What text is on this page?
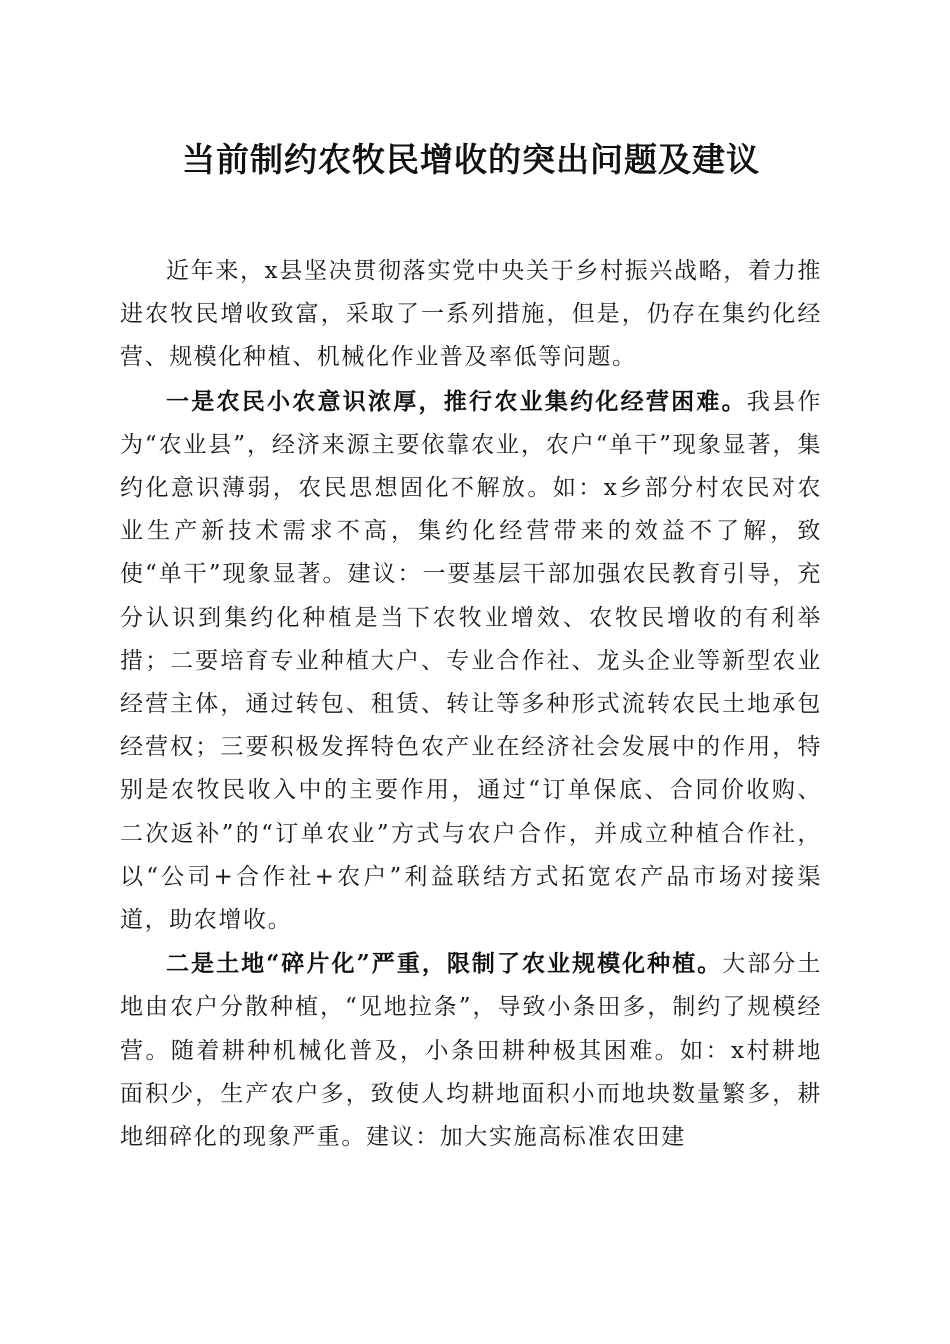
当前制约农牧民增收的突出问题及建议

近年来，x县坚决贯彻落实党中央关于乡村振兴战略，着力推进农牧民增收致富，采取了一系列措施，但是，仍存在集约化经营、规模化种植、机械化作业普及率低等问题。

一是农民小农意识浓厚，推行农业集约化经营困难。我县作为“农业县”，经济来源主要依靠农业，农户“单干”现象显著，集约化意识薄弱，农民思想固化不解放。如：x乡部分村农民对农业生产新技术需求不高，集约化经营带来的效益不了解，致使“单干”现象显著。建议：一要基层干部加强农民教育引导，充分认识到集约化种植是当下农牧业增效、农牧民增收的有利举措；二要培育专业种植大户、专业合作社、龙头企业等新型农业经营主体，通过转包、租赁、转让等多种形式流转农民土地承包经营权；三要积极发挥特色农产业在经济社会发展中的作用，特别是农牧民收入中的主要作用，通过“订单保底、合同价收购、二次返补”的“订单农业”方式与农户合作，并成立种植合作社，以“公司+合作社+农户”利益联结方式拓宽农产品市场对接渠道，助农增收。

二是土地“碎片化”严重，限制了农业规模化种植。大部分土地由农户分散种植，“见地拉条”，导致小条田多，制约了规模经营。随着耕种机械化普及，小条田耕种极其困难。如：x村耕地面积少，生产农户多，致使人均耕地面积小而地块数量繁多，耕地细碎化的现象严重。建议：加大实施高标准农田建
